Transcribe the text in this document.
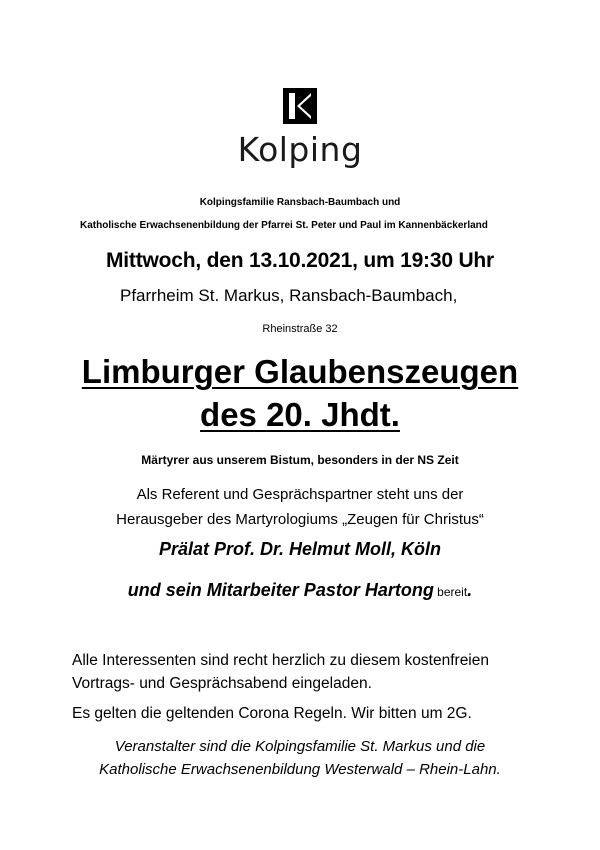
Kolping
Kolpingsfamilie Ransbach-Baumbach und
Katholische Erwachsenenbildung der Pfarrei St. Peter und Paul im Kannenbäckerland
Mittwoch, den 13.10.2021, um 19:30 Uhr
Pfarrheim St. Markus, Ransbach-Baumbach,
Rheinstraße 32
Limburger Glaubenszeugen
des 20. Jhdt.
Märtyrer aus unserem Bistum, besonders in der NS Zeit
Als Referent und Gesprächspartner steht uns der
Herausgeber des Martyrologiums „Zeugen für Christus“
Prälat Prof. Dr. Helmut Moll, Köln
und sein Mitarbeiter Pastor Hartong bereit.
Alle Interessenten sind recht herzlich zu diesem kostenfreien
Vortrags- und Gesprächsabend eingeladen.
Es gelten die geltenden Corona Regeln. Wir bitten um 2G.
Veranstalter sind die Kolpingsfamilie St. Markus und die
Katholische Erwachsenenbildung Westerwald – Rhein-Lahn.
